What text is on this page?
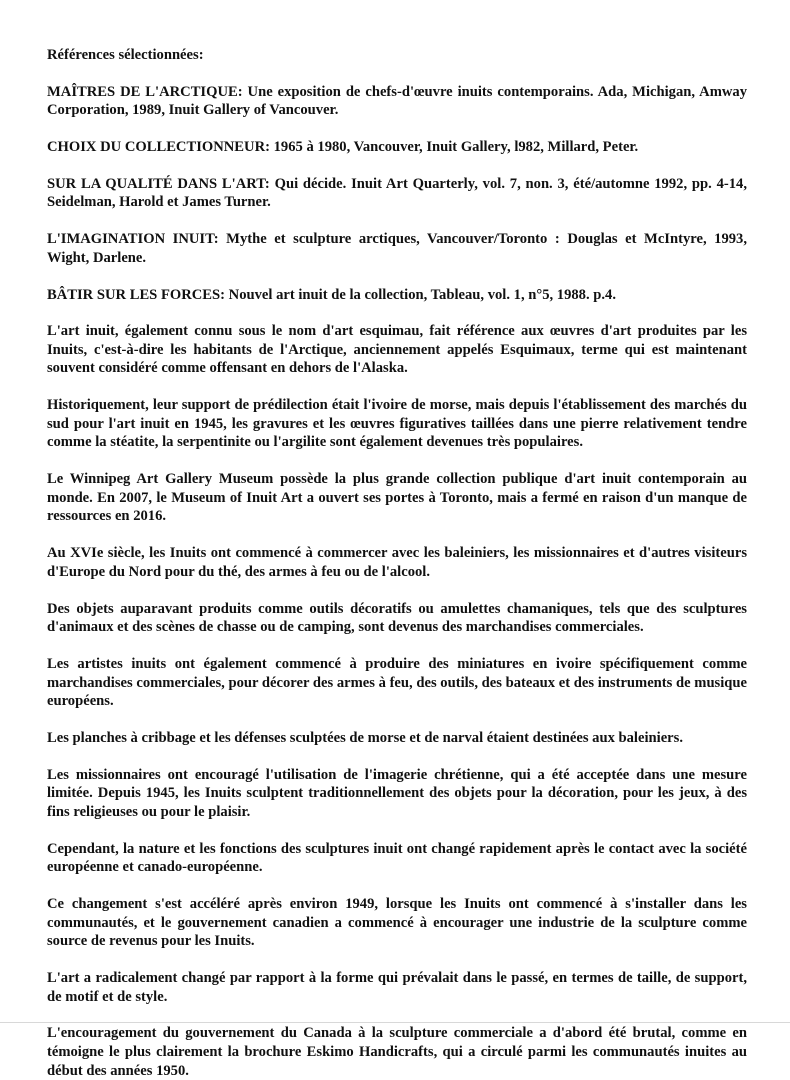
Références sélectionnées:

MAÎTRES DE L'ARCTIQUE: Une exposition de chefs-d'œuvre inuits contemporains. Ada, Michigan, Amway Corporation, 1989, Inuit Gallery of Vancouver.

CHOIX DU COLLECTIONNEUR: 1965 à 1980, Vancouver, Inuit Gallery, l982, Millard, Peter.

SUR LA QUALITÉ DANS L'ART: Qui décide. Inuit Art Quarterly, vol. 7, non. 3, été/automne 1992, pp. 4-14, Seidelman, Harold et James Turner.

L'IMAGINATION INUIT: Mythe et sculpture arctiques, Vancouver/Toronto : Douglas et McIntyre, 1993, Wight, Darlene.

BÂTIR SUR LES FORCES: Nouvel art inuit de la collection, Tableau, vol. 1, n°5, 1988. p.4.

L'art inuit, également connu sous le nom d'art esquimau, fait référence aux œuvres d'art produites par les Inuits, c'est-à-dire les habitants de l'Arctique, anciennement appelés Esquimaux, terme qui est maintenant souvent considéré comme offensant en dehors de l'Alaska.

Historiquement, leur support de prédilection était l'ivoire de morse, mais depuis l'établissement des marchés du sud pour l'art inuit en 1945, les gravures et les œuvres figuratives taillées dans une pierre relativement tendre comme la stéatite, la serpentinite ou l'argilite sont également devenues très populaires.

Le Winnipeg Art Gallery Museum possède la plus grande collection publique d'art inuit contemporain au monde. En 2007, le Museum of Inuit Art a ouvert ses portes à Toronto, mais a fermé en raison d'un manque de ressources en 2016.

Au XVIe siècle, les Inuits ont commencé à commercer avec les baleiniers, les missionnaires et d'autres visiteurs d'Europe du Nord pour du thé, des armes à feu ou de l'alcool.

Des objets auparavant produits comme outils décoratifs ou amulettes chamaniques, tels que des sculptures d'animaux et des scènes de chasse ou de camping, sont devenus des marchandises commerciales.

Les artistes inuits ont également commencé à produire des miniatures en ivoire spécifiquement comme marchandises commerciales, pour décorer des armes à feu, des outils, des bateaux et des instruments de musique européens.

Les planches à cribbage et les défenses sculptées de morse et de narval étaient destinées aux baleiniers.

Les missionnaires ont encouragé l'utilisation de l'imagerie chrétienne, qui a été acceptée dans une mesure limitée. Depuis 1945, les Inuits sculptent traditionnellement des objets pour la décoration, pour les jeux, à des fins religieuses ou pour le plaisir.

Cependant, la nature et les fonctions des sculptures inuit ont changé rapidement après le contact avec la société européenne et canado-européenne.

Ce changement s'est accéléré après environ 1949, lorsque les Inuits ont commencé à s'installer dans les communautés, et le gouvernement canadien a commencé à encourager une industrie de la sculpture comme source de revenus pour les Inuits.

L'art a radicalement changé par rapport à la forme qui prévalait dans le passé, en termes de taille, de support, de motif et de style.

L'encouragement du gouvernement du Canada à la sculpture commerciale a d'abord été brutal, comme en témoigne le plus clairement la brochure Eskimo Handicrafts, qui a circulé parmi les communautés inuites au début des années 1950.
